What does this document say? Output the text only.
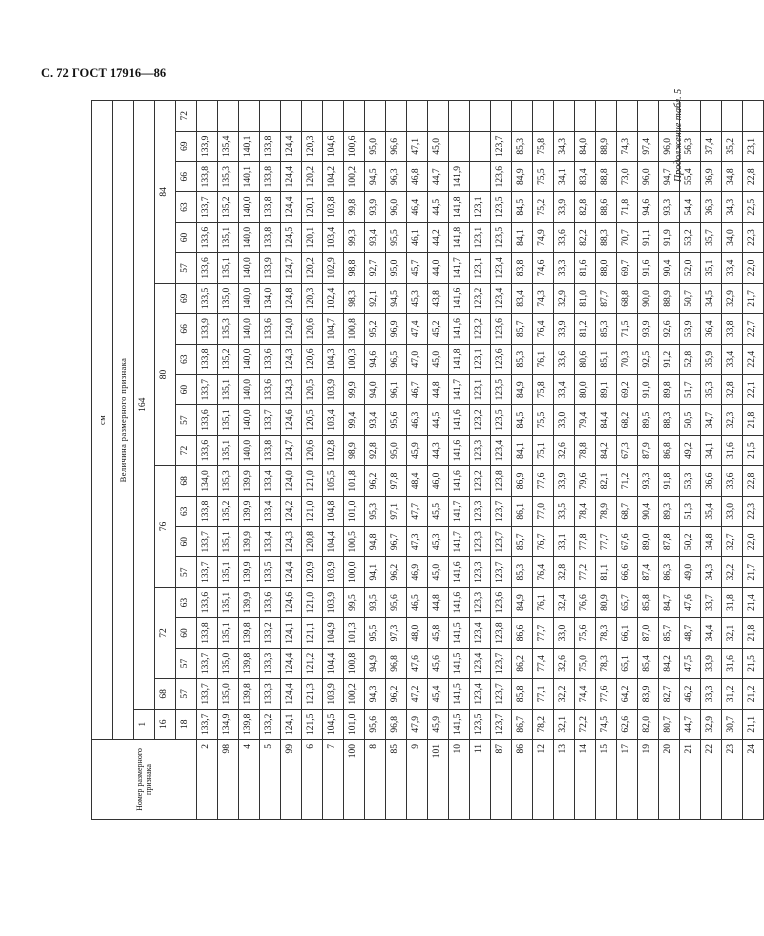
С. 72 ГОСТ 17916—86
Продолжение табл. 5
Номер размерного признака	см																				
	Величина размерного признака																				
	1	164																			
	16	68	72			76				80						84					
	18	57	57	60	63	57	60	63	68	72	57	60	63	66	69	57	60	63	66	69	72
2	133,7	133,7	133,7	133,8	133,6	133,7	133,7	133,8	134,0	133,6	133,6	133,7	133,8	133,9	133,5	133,6	133,6	133,7	133,8	133,9	
98	134,9	135,0	135,0	135,1	135,1	135,1	135,1	135,2	135,3	135,1	135,1	135,1	135,2	135,3	135,0	135,1	135,1	135,2	135,3	135,4	
4	139,8	139,8	139,8	139,8	139,9	139,9	139,9	139,9	139,9	140,0	140,0	140,0	140,0	140,0	140,0	140,0	140,0	140,0	140,1	140,1	
5	133,2	133,3	133,3	133,2	133,6	133,5	133,4	133,4	133,4	133,8	133,7	133,6	133,6	133,6	134,0	133,9	133,8	133,8	133,8	133,8	
99	124,1	124,4	124,4	124,1	124,6	124,4	124,3	124,2	124,0	124,7	124,6	124,3	124,3	124,0	124,8	124,7	124,5	124,4	124,4	124,4	
6	121,5	121,3	121,2	121,1	121,0	120,9	120,8	121,0	121,0	120,6	120,5	120,5	120,6	120,6	120,3	120,2	120,1	120,1	120,2	120,3	
7	104,5	103,9	104,4	104,9	103,9	103,9	104,4	104,8	105,5	102,8	103,4	103,9	104,3	104,7	102,4	102,9	103,4	103,8	104,2	104,6	
100	101,0	100,2	100,8	101,3	99,5	100,0	100,5	101,0	101,8	98,9	99,4	99,9	100,3	100,8	98,3	98,8	99,3	99,8	100,2	100,6	
8	95,6	94,3	94,9	95,5	93,5	94,1	94,8	95,3	96,2	92,8	93,4	94,0	94,6	95,2	92,1	92,7	93,4	93,9	94,5	95,0	
85	96,8	96,2	96,8	97,3	95,6	96,2	96,7	97,1	97,8	95,0	95,6	96,1	96,5	96,9	94,5	95,0	95,5	96,0	96,3	96,6	
9	47,9	47,2	47,6	48,0	46,5	46,9	47,3	47,7	48,4	45,9	46,3	46,7	47,0	47,4	45,3	45,7	46,1	46,4	46,8	47,1	
101	45,9	45,4	45,6	45,8	44,8	45,0	45,3	45,5	46,0	44,3	44,5	44,8	45,0	45,2	43,8	44,0	44,2	44,5	44,7	45,0	
10	141,5	141,5	141,5	141,5	141,6	141,6	141,7	141,7	141,6	141,6	141,6	141,7	141,8	141,6	141,6	141,7	141,8	141,8	141,9		
11	123,5	123,4	123,4	123,4	123,3	123,3	123,3	123,3	123,2	123,3	123,2	123,1	123,1	123,2	123,2	123,1	123,1	123,1			
87	123,7	123,7	123,7	123,8	123,6	123,7	123,7	123,7	123,8	123,4	123,5	123,5	123,6	123,6	123,4	123,4	123,5	123,5	123,6	123,7	
86	86,7	85,8	86,2	86,6	84,9	85,3	85,7	86,1	86,9	84,1	84,5	84,9	85,3	85,7	83,4	83,8	84,1	84,5	84,9	85,3	
12	78,2	77,1	77,4	77,7	76,1	76,4	76,7	77,0	77,6	75,1	75,5	75,8	76,1	76,4	74,3	74,6	74,9	75,2	75,5	75,8	
13	32,1	32,2	32,6	33,0	32,4	32,8	33,1	33,5	33,9	32,6	33,0	33,4	33,6	33,9	32,9	33,3	33,6	33,9	34,1	34,3	
14	72,2	74,4	75,0	75,6	76,6	77,2	77,8	78,4	79,6	78,8	79,4	80,0	80,6	81,2	81,0	81,6	82,2	82,8	83,4	84,0	
15	74,5	77,6	78,3	78,3	80,9	81,1	77,7	78,9	82,1	84,2	84,4	89,1	85,1	85,3	87,7	88,0	88,3	88,6	88,8	88,9	
17	62,6	64,2	65,1	66,1	65,7	66,6	67,6	68,7	71,2	67,3	68,2	69,2	70,3	71,5	68,8	69,7	70,7	71,8	73,0	74,3	
19	82,0	83,9	85,4	87,0	85,8	87,4	89,0	90,4	93,3	87,9	89,5	91,0	92,5	93,9	90,0	91,6	91,1	94,6	96,0	97,4	
20	80,7	82,7	84,2	85,7	84,7	86,3	87,8	89,3	91,8	86,8	88,3	89,8	91,2	92,6	88,9	90,4	91,9	93,3	94,7	96,0	
21	44,7	46,2	47,5	48,7	47,6	49,0	50,2	51,3	53,3	49,2	50,5	51,7	52,8	53,9	50,7	52,0	53,2	54,4	55,4	56,3	
22	32,9	33,3	33,9	34,4	33,7	34,3	34,8	35,4	36,6	34,1	34,7	35,3	35,9	36,4	34,5	35,1	35,7	36,3	36,9	37,4	
23	30,7	31,2	31,6	32,1	31,8	32,2	32,7	33,0	33,6	31,6	32,3	32,8	33,4	33,8	32,9	33,4	34,0	34,3	34,8	35,2	
24	21,1	21,2	21,5	21,8	21,4	21,7	22,0	22,3	22,8	21,5	21,8	22,1	22,4	22,7	21,7	22,0	22,3	22,5	22,8	23,1	
